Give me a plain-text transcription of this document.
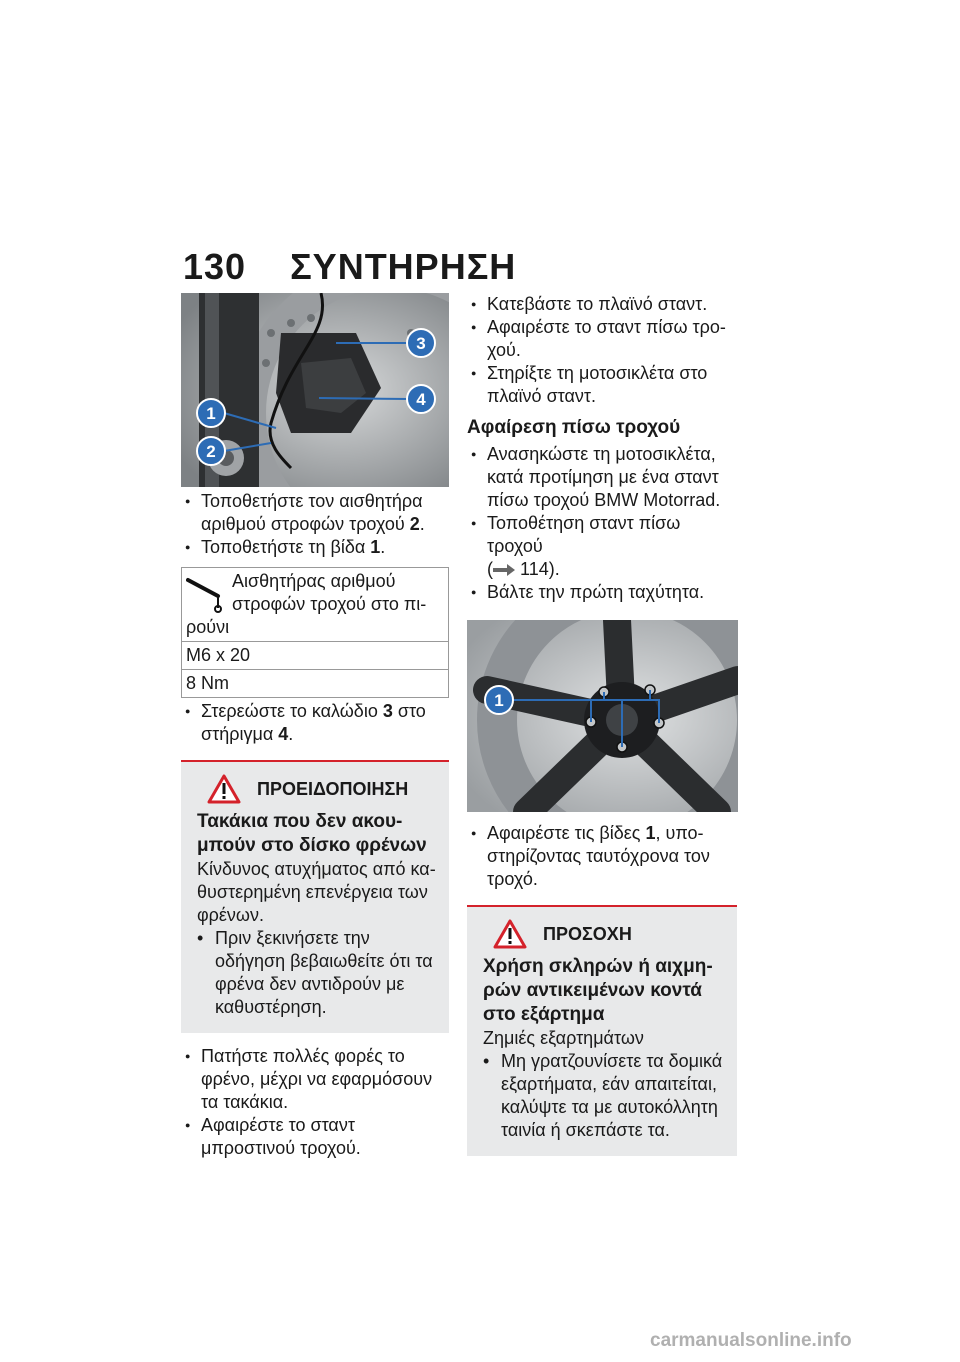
130 ΣΥΝΤΗΡΗΣΗ
1
2
3
4

● Τοποθετήστε τον αισθητήρα αριθμού στροφών τροχού 2.

● Τοποθετήστε τη βίδα 1.

Αισθητήρας αριθμού
στροφών τροχού στο πι-
ρούνι

M6 x 20
8 Nm

● Στερεώστε το καλώδιο 3 στο στήριγμα 4.

ΠΡΟΕΙΔΟΠΟΙΗΣΗ
Τακάκια που δεν ακου- μπούν στο δίσκο φρένων
Κίνδυνος ατυχήματος από κα- θυστερημένη επενέργεια των φρένων.
• Πριν ξεκινήσετε την οδήγηση βεβαιωθείτε ότι τα φρένα δεν αντιδρούν με καθυστέρηση.

● Πατήστε πολλές φορές το φρένο, μέχρι να εφαρμόσουν τα τακάκια.

● Αφαιρέστε το σταντ μπροστινού τροχού.

● Κατεβάστε το πλαϊνό σταντ.

● Αφαιρέστε το σταντ πίσω τρο- χού.

● Στηρίξτε τη μοτοσικλέτα στο πλαϊνό σταντ.

Αφαίρεση πίσω τροχού

● Ανασηκώστε τη μοτοσικλέτα, κατά προτίμηση με ένα σταντ πίσω τροχού BMW Motorrad.

● Τοποθέτηση σταντ πίσω τροχού
( 114).

● Βάλτε την πρώτη ταχύτητα.

1

● Αφαιρέστε τις βίδες 1, υπο- στηρίζοντας ταυτόχρονα τον τροχό.

ΠΡΟΣΟΧΗ
Χρήση σκληρών ή αιχμη- ρών αντικειμένων κοντά στο εξάρτημα
Ζημιές εξαρτημάτων
• Μη γρατζουνίσετε τα δομικά εξαρτήματα, εάν απαιτείται, καλύψτε τα με αυτοκόλλητη ταινία ή σκεπάστε τα.
carmanualsonline.info
